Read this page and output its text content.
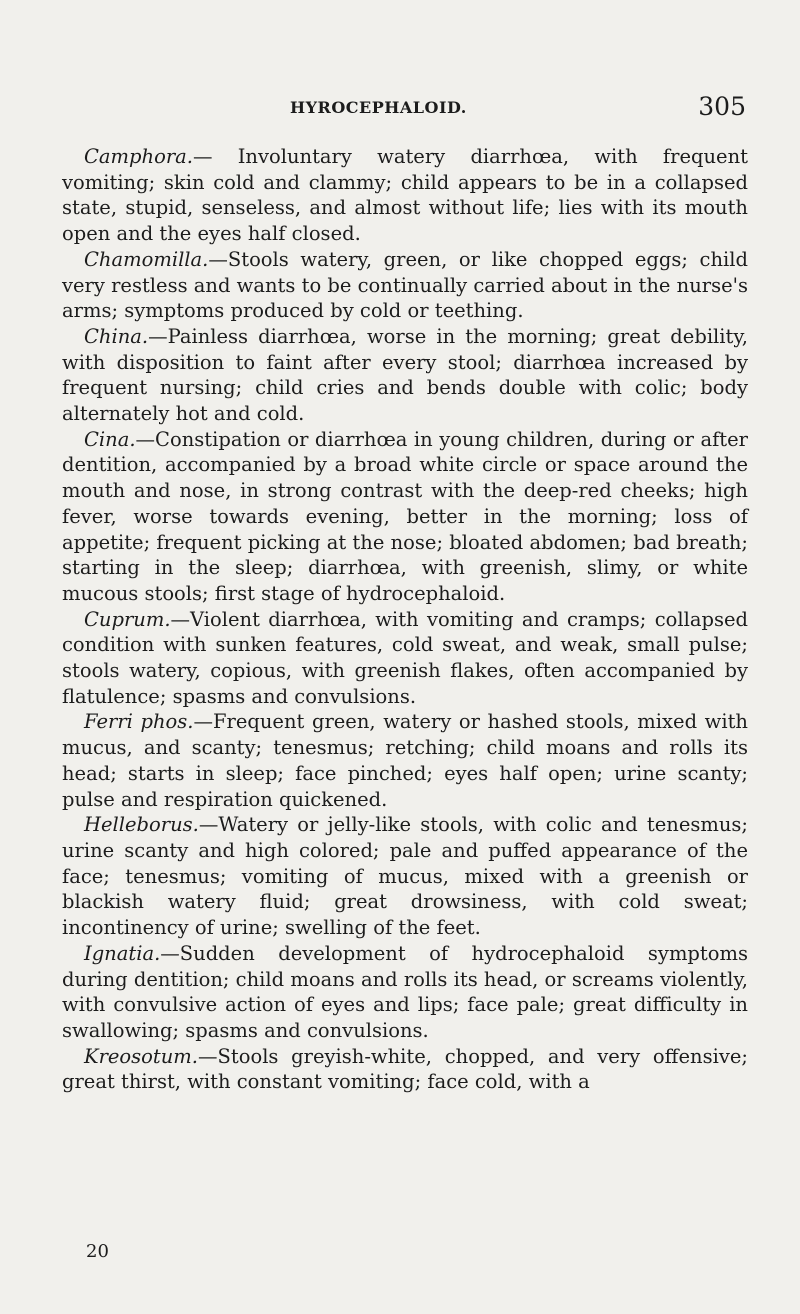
HYROCEPHALOID.	305

Camphora.— Involuntary watery diarrhœa, with frequent vomiting; skin cold and clammy; child appears to be in a collapsed state, stupid, senseless, and almost without life; lies with its mouth open and the eyes half closed.

Chamomilla.—Stools watery, green, or like chopped eggs; child very restless and wants to be continually carried about in the nurse's arms; symptoms produced by cold or teething.

China.—Painless diarrhœa, worse in the morning; great debility, with disposition to faint after every stool; diarrhœa increased by frequent nursing; child cries and bends double with colic; body alternately hot and cold.

Cina.—Constipation or diarrhœa in young children, during or after dentition, accompanied by a broad white circle or space around the mouth and nose, in strong contrast with the deep-red cheeks; high fever, worse towards evening, better in the morning; loss of appetite; frequent picking at the nose; bloated abdomen; bad breath; starting in the sleep; diarrhœa, with greenish, slimy, or white mucous stools; first stage of hydrocephaloid.

Cuprum.—Violent diarrhœa, with vomiting and cramps; collapsed condition with sunken features, cold sweat, and weak, small pulse; stools watery, copious, with greenish flakes, often accompanied by flatulence; spasms and convulsions.

Ferri phos.—Frequent green, watery or hashed stools, mixed with mucus, and scanty; tenesmus; retching; child moans and rolls its head; starts in sleep; face pinched; eyes half open; urine scanty; pulse and respiration quickened.

Helleborus.—Watery or jelly-like stools, with colic and tenesmus; urine scanty and high colored; pale and puffed appearance of the face; tenesmus; vomiting of mucus, mixed with a greenish or blackish watery fluid; great drowsiness, with cold sweat; incontinency of urine; swelling of the feet.

Ignatia.—Sudden development of hydrocephaloid symptoms during dentition; child moans and rolls its head, or screams violently, with convulsive action of eyes and lips; face pale; great difficulty in swallowing; spasms and convulsions.

Kreosotum.—Stools greyish-white, chopped, and very offensive; great thirst, with constant vomiting; face cold, with a

20
